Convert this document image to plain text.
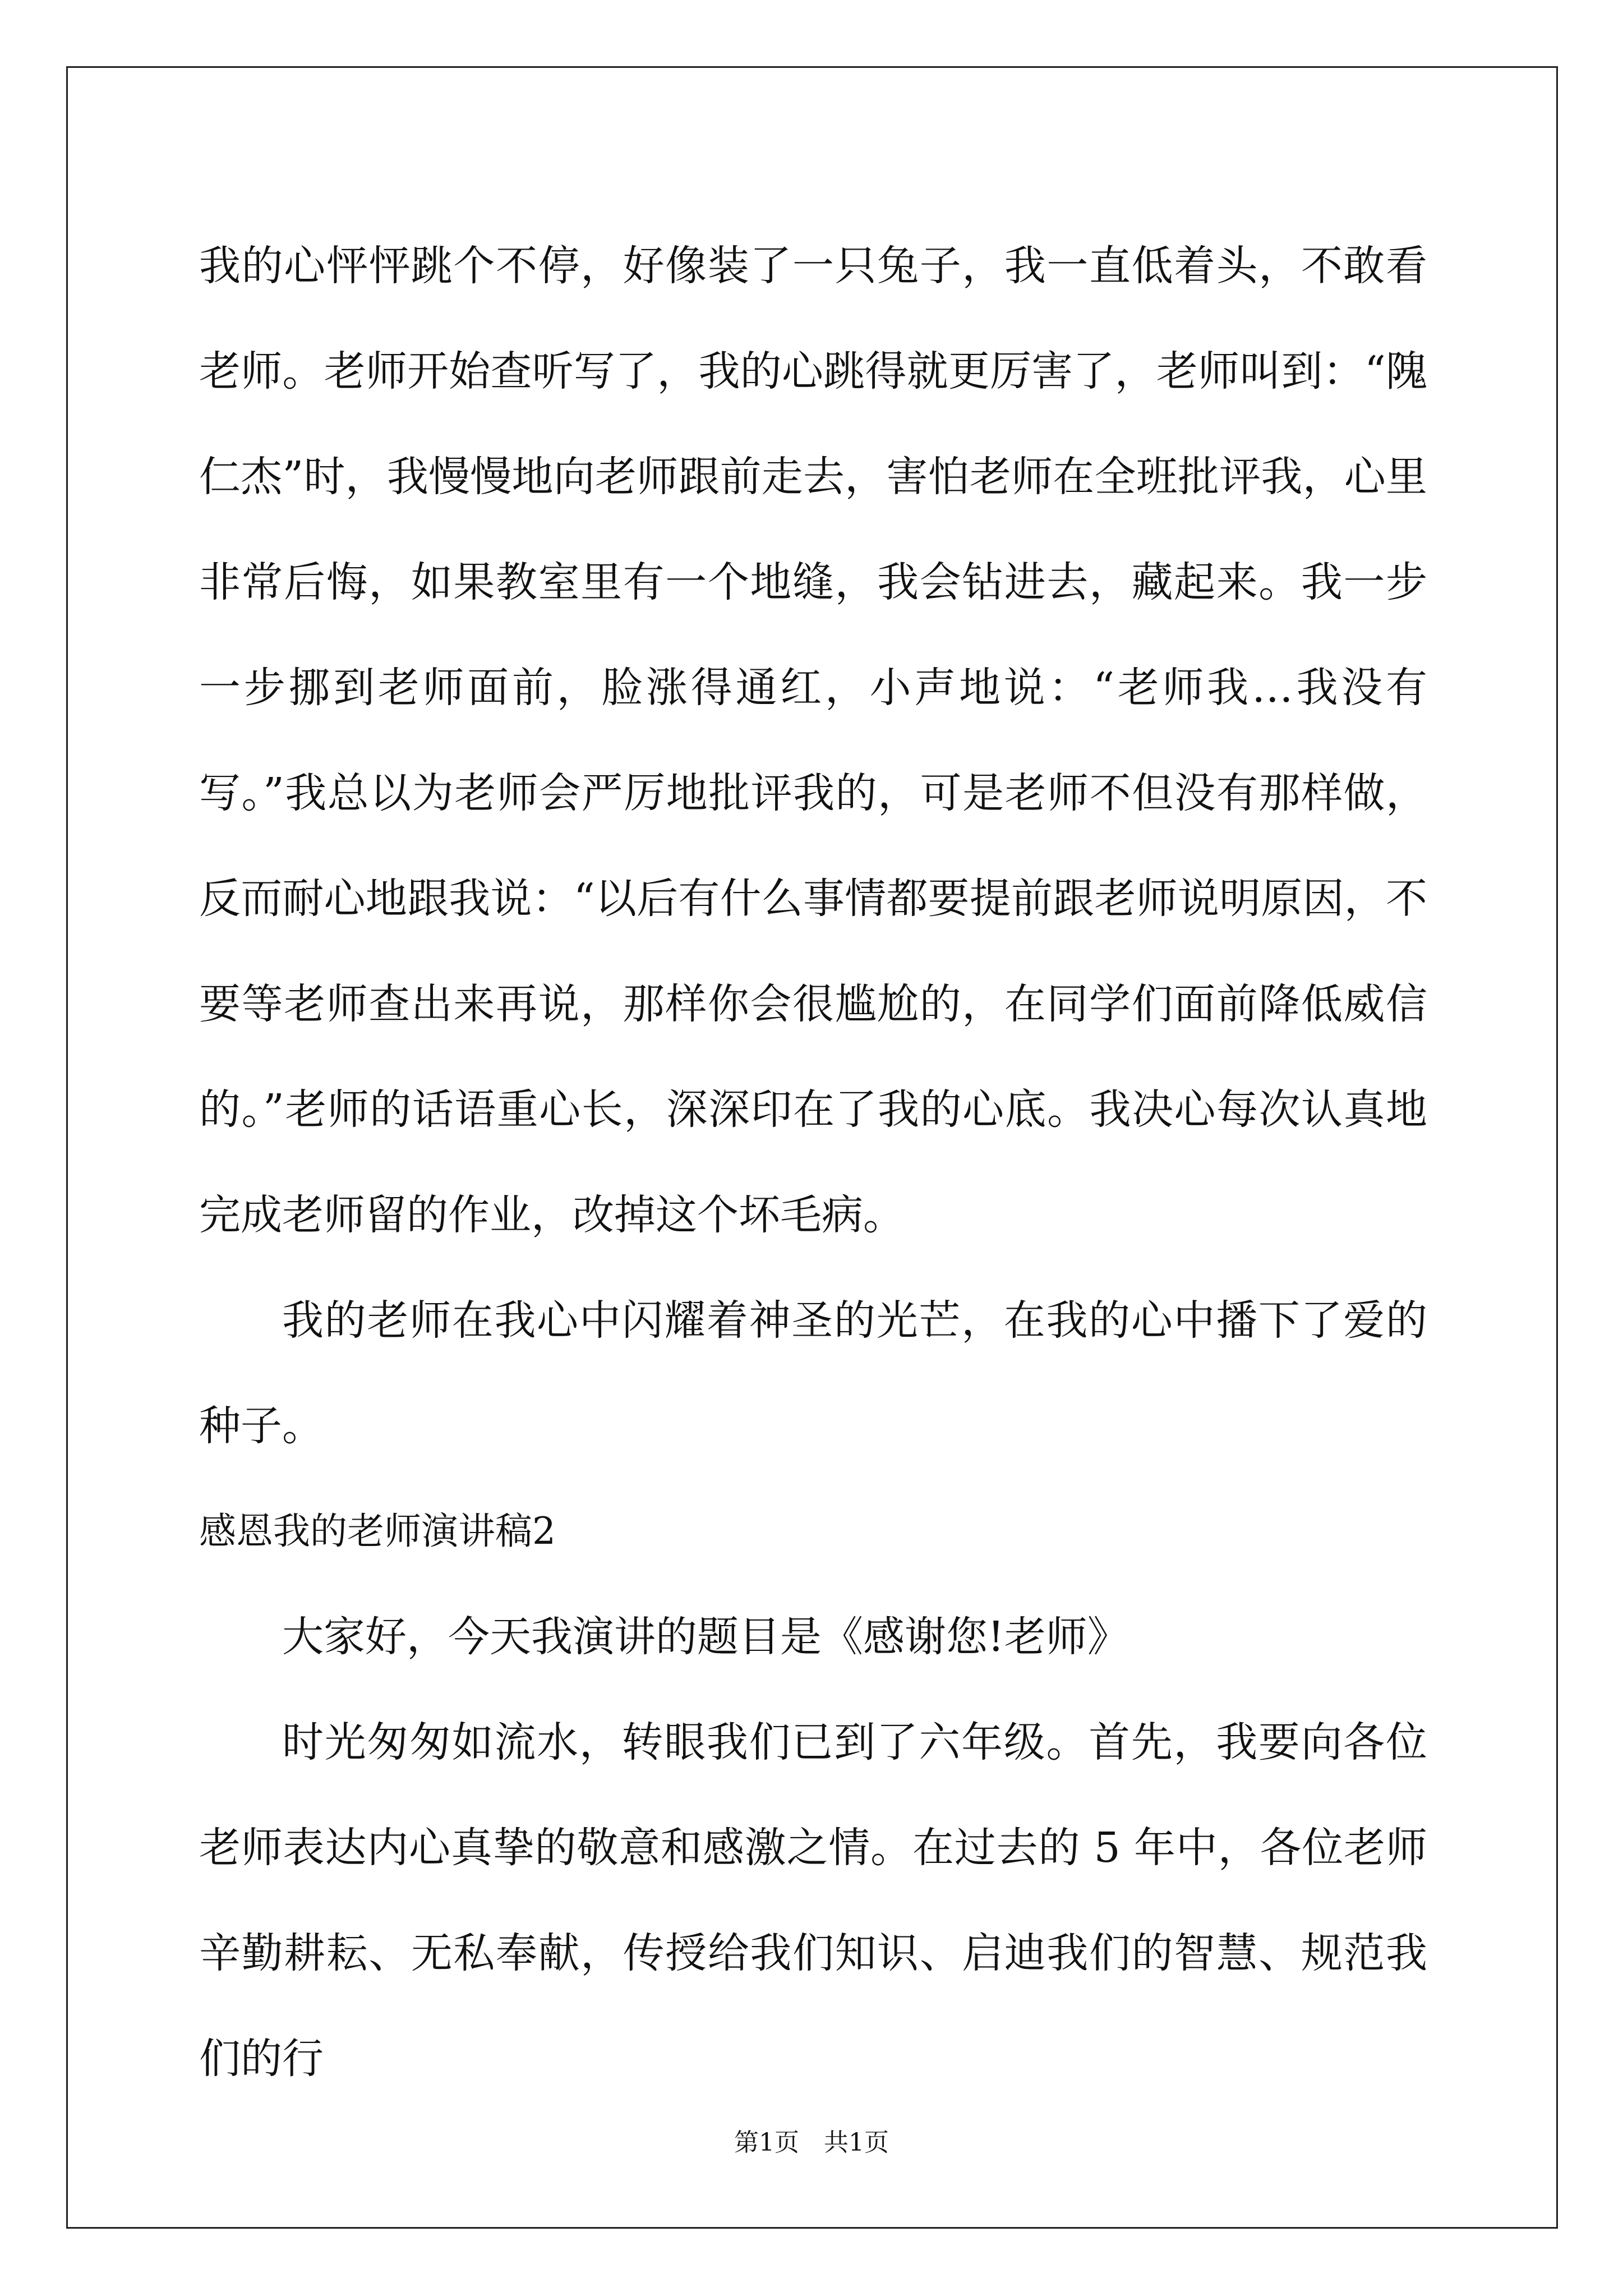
我的心怦怦跳个不停，好像装了一只兔子，我一直低着头，不敢看老师。老师开始查听写了，我的心跳得就更厉害了，老师叫到：“隗仁杰”时，我慢慢地向老师跟前走去，害怕老师在全班批评我，心里非常后悔，如果教室里有一个地缝，我会钻进去，藏起来。我一步一步挪到老师面前，脸涨得通红，小声地说：“老师我…我没有写。”我总以为老师会严厉地批评我的，可是老师不但没有那样做，反而耐心地跟我说：“以后有什么事情都要提前跟老师说明原因，不要等老师查出来再说，那样你会很尴尬的，在同学们面前降低威信的。”老师的话语重心长，深深印在了我的心底。我决心每次认真地完成老师留的作业，改掉这个坏毛病。

我的老师在我心中闪耀着神圣的光芒，在我的心中播下了爱的种子。

感恩我的老师演讲稿2

大家好，今天我演讲的题目是《感谢您!老师》

时光匆匆如流水，转眼我们已到了六年级。首先，我要向各位老师表达内心真挚的敬意和感激之情。在过去的 5 年中，各位老师辛勤耕耘、无私奉献，传授给我们知识、启迪我们的智慧、规范我们的行

第1页 共1页
